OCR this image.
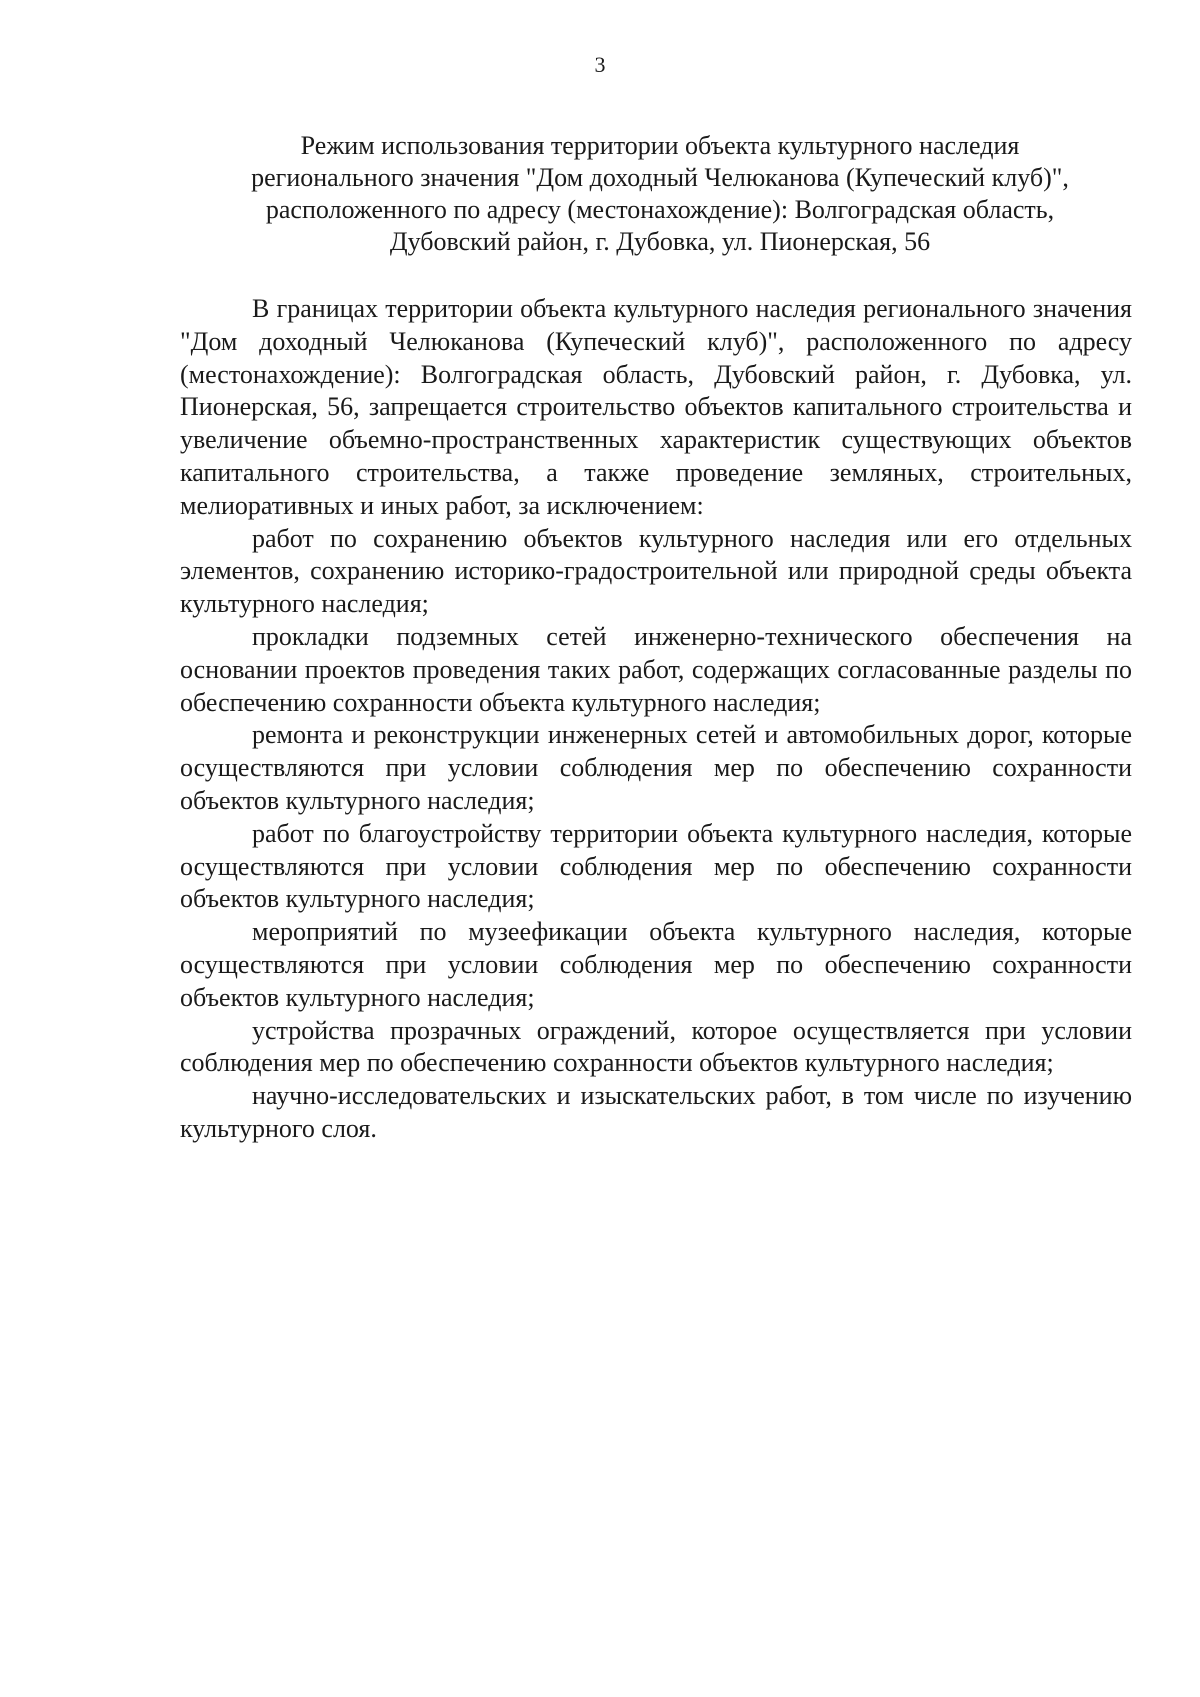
3
Режим использования территории объекта культурного наследия
регионального значения "Дом доходный Челюканова (Купеческий клуб)",
расположенного по адресу (местонахождение): Волгоградская область,
Дубовский район, г. Дубовка, ул. Пионерская, 56

В границах территории объекта культурного наследия регионального значения "Дом доходный Челюканова (Купеческий клуб)", расположенного по адресу (местонахождение): Волгоградская область, Дубовский район, г. Дубовка, ул. Пионерская, 56, запрещается строительство объектов капитального строительства и увеличение объемно-пространственных характеристик существующих объектов капитального строительства, а также проведение земляных, строительных, мелиоративных и иных работ, за исключением:

работ по сохранению объектов культурного наследия или его отдельных элементов, сохранению историко-градостроительной или природной среды объекта культурного наследия;

прокладки подземных сетей инженерно-технического обеспечения на основании проектов проведения таких работ, содержащих согласованные разделы по обеспечению сохранности объекта культурного наследия;

ремонта и реконструкции инженерных сетей и автомобильных дорог, которые осуществляются при условии соблюдения мер по обеспечению сохранности объектов культурного наследия;

работ по благоустройству территории объекта культурного наследия, которые осуществляются при условии соблюдения мер по обеспечению сохранности объектов культурного наследия;

мероприятий по музеефикации объекта культурного наследия, которые осуществляются при условии соблюдения мер по обеспечению сохранности объектов культурного наследия;

устройства прозрачных ограждений, которое осуществляется при условии соблюдения мер по обеспечению сохранности объектов культурного наследия;

научно-исследовательских и изыскательских работ, в том числе по изучению культурного слоя.
